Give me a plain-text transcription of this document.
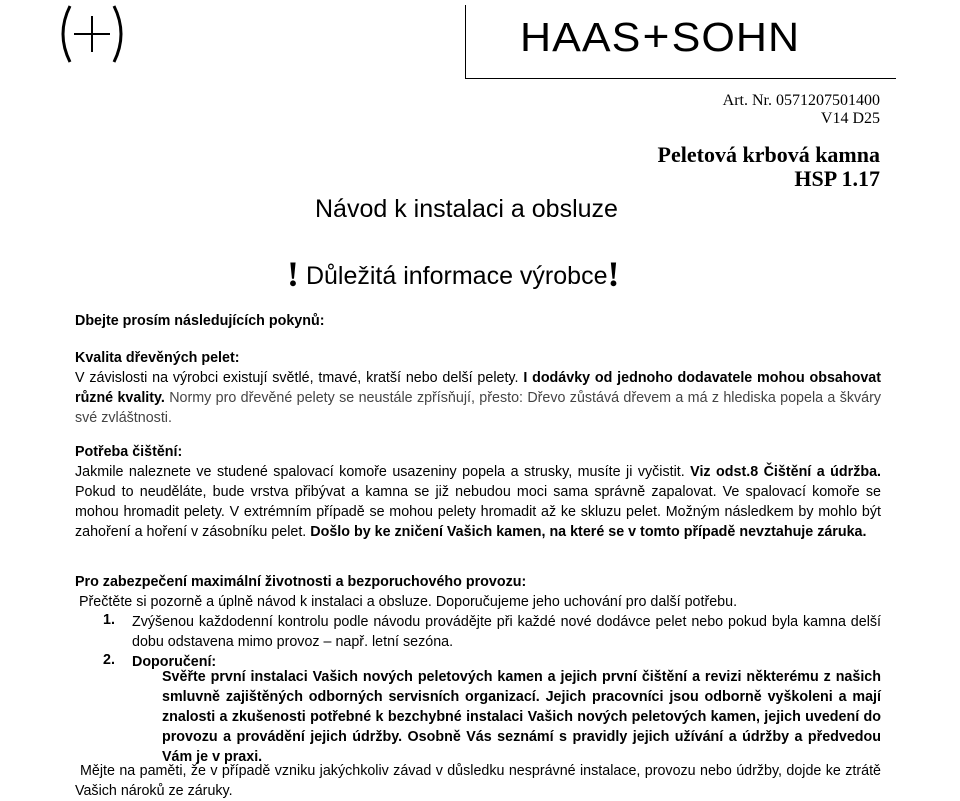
HAAS+SOHN
Art. Nr. 0571207501400
V14 D25
Peletová krbová kamna
HSP 1.17
Návod k instalaci a obsluze
! Důležitá informace výrobce!
Dbejte prosím následujících pokynů:
Kvalita dřevěných pelet:
V závislosti na výrobci existují světlé, tmavé, kratší nebo delší pelety. I dodávky od jednoho dodavatele mohou obsahovat různé kvality. Normy pro dřevěné pelety se neustále zpřísňují, přesto: Dřevo zůstává dřevem a má z hlediska popela a škváry své zvláštnosti.
Potřeba čištění:
Jakmile naleznete ve studené spalovací komoře usazeniny popela a strusky, musíte ji vyčistit. Viz odst.8 Čištění a údržba. Pokud to neuděláte, bude vrstva přibývat a kamna se již nebudou moci sama správně zapalovat. Ve spalovací komoře se mohou hromadit pelety. V extrémním případě se mohou pelety hromadit až ke skluzu pelet. Možným následkem by mohlo být zahoření a hoření v zásobníku pelet. Došlo by ke zničení Vašich kamen, na které se v tomto případě nevztahuje záruka.
Pro zabezpečení maximální životnosti a bezporuchového provozu:
Přečtěte si pozorně a úplně návod k instalaci a obsluze. Doporučujeme jeho uchování pro další potřebu.
1. Zvýšenou každodenní kontrolu podle návodu provádějte při každé nové dodávce pelet nebo pokud byla kamna delší dobu odstavena mimo provoz – např. letní sezóna.
2. Doporučení:
Svěřte první instalaci Vašich nových peletových kamen a jejich první čištění a revizi některému z našich smluvně zajištěných odborných servisních organizací. Jejich pracovníci jsou odborně vyškoleni a mají znalosti a zkušenosti potřebné k bezchybné instalaci Vašich nových peletových kamen, jejich uvedení do provozu a provádění jejich údržby. Osobně Vás seznámí s pravidly jejich užívání a údržby a předvedou Vám je v praxi.
Mějte na paměti, že v případě vzniku jakýchkoliv závad v důsledku nesprávné instalace, provozu nebo údržby, dojde ke ztrátě Vašich nároků ze záruky.
